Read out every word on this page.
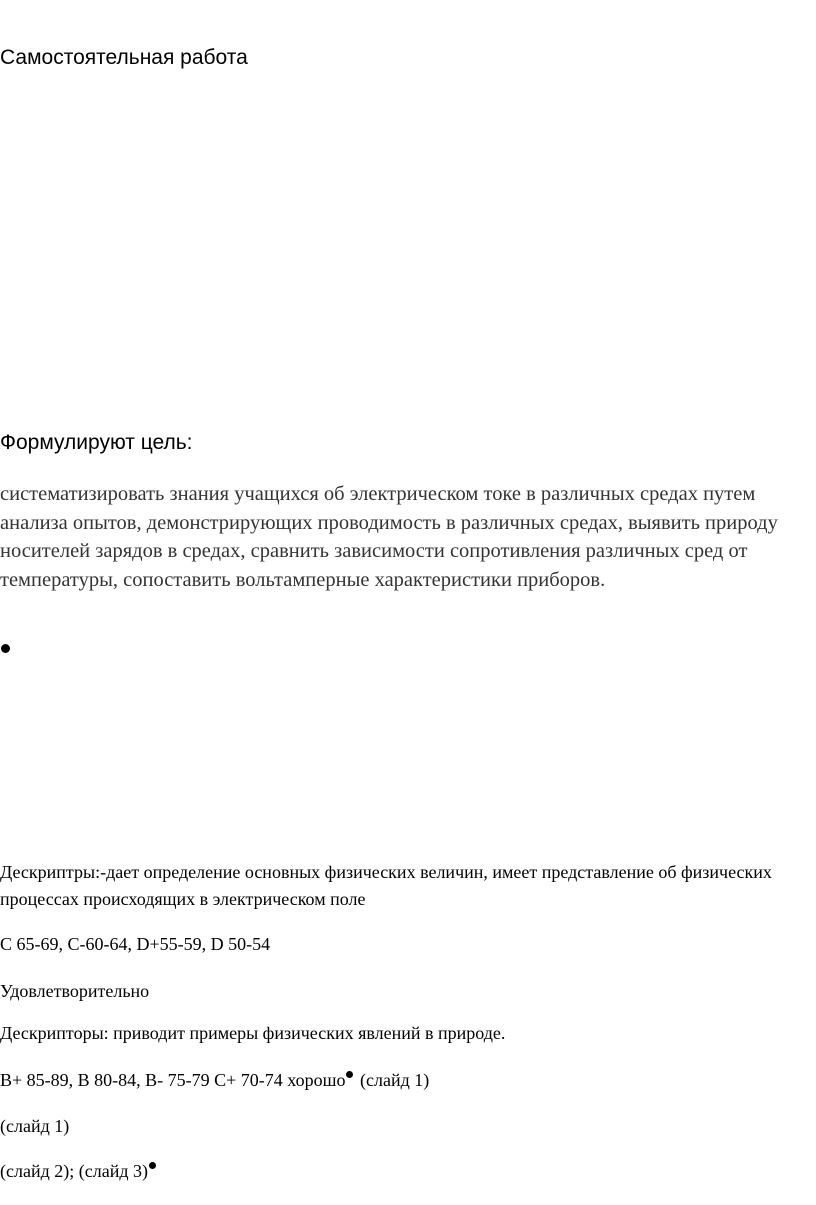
Самостоятельная работа

Формулируют цель:

систематизировать знания учащихся об электрическом токе в различных средах путем анализа опытов, демонстрирующих проводимость в различных средах, выявить природу носителей зарядов в средах, сравнить зависимости сопротивления различных сред от температуры, сопоставить вольтамперные характеристики приборов.

Дескриптры:-дает определение основных физических величин, имеет представление об физических процессах происходящих в электрическом поле

C 65-69, C-60-64, D+55-59, D 50-54

Удовлетворительно

Дескрипторы: приводит примеры физических явлений в природе.

B+ 85-89, B 80-84, B- 75-79 C+ 70-74 хорошо (слайд 1)

(слайд 1)

(слайд 2); (слайд 3)
